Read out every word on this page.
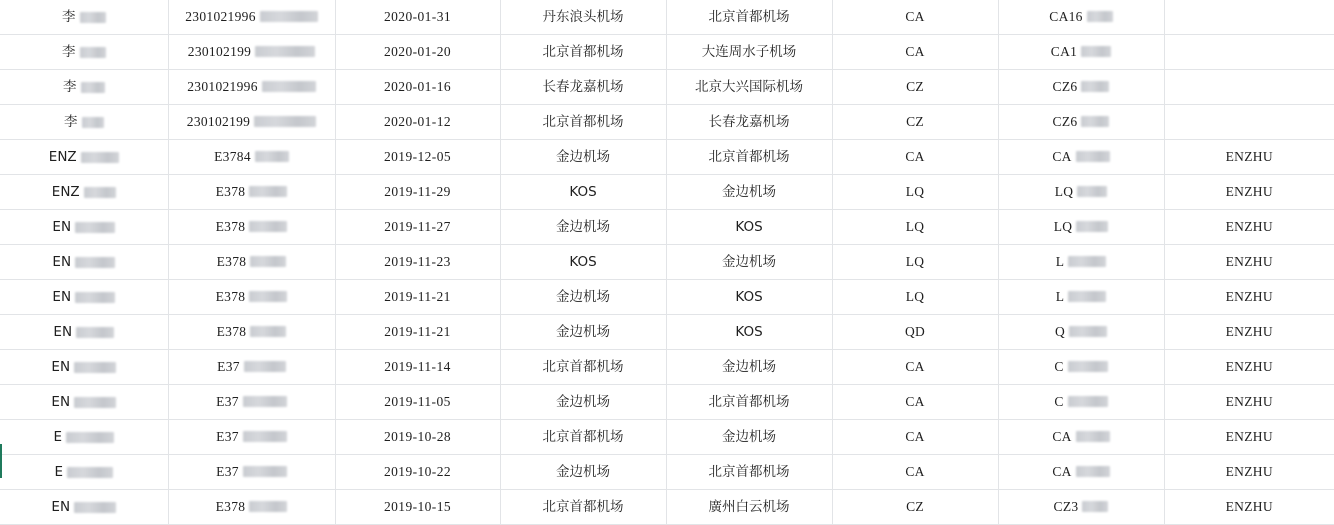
李	2301021996	2020-01-31	丹东浪头机场	北京首都机场	CA	CA16	

李	230102199	2020-01-20	北京首都机场	大连周水子机场	CA	CA1	

李	2301021996	2020-01-16	长春龙嘉机场	北京大兴国际机场	CZ	CZ6	

李	230102199	2020-01-12	北京首都机场	长春龙嘉机场	CZ	CZ6	

ENZ	E3784	2019-12-05	金边机场	北京首都机场	CA	CA	ENZHU

ENZ	E378	2019-11-29	KOS	金边机场	LQ	LQ	ENZHU

EN	E378	2019-11-27	金边机场	KOS	LQ	LQ	ENZHU

EN	E378	2019-11-23	KOS	金边机场	LQ	L	ENZHU

EN	E378	2019-11-21	金边机场	KOS	LQ	L	ENZHU

EN	E378	2019-11-21	金边机场	KOS	QD	Q	ENZHU

EN	E37	2019-11-14	北京首都机场	金边机场	CA	C	ENZHU

EN	E37	2019-11-05	金边机场	北京首都机场	CA	C	ENZHU

E	E37	2019-10-28	北京首都机场	金边机场	CA	CA	ENZHU

E	E37	2019-10-22	金边机场	北京首都机场	CA	CA	ENZHU

EN	E378	2019-10-15	北京首都机场	廣州白云机场	CZ	CZ3	ENZHU
